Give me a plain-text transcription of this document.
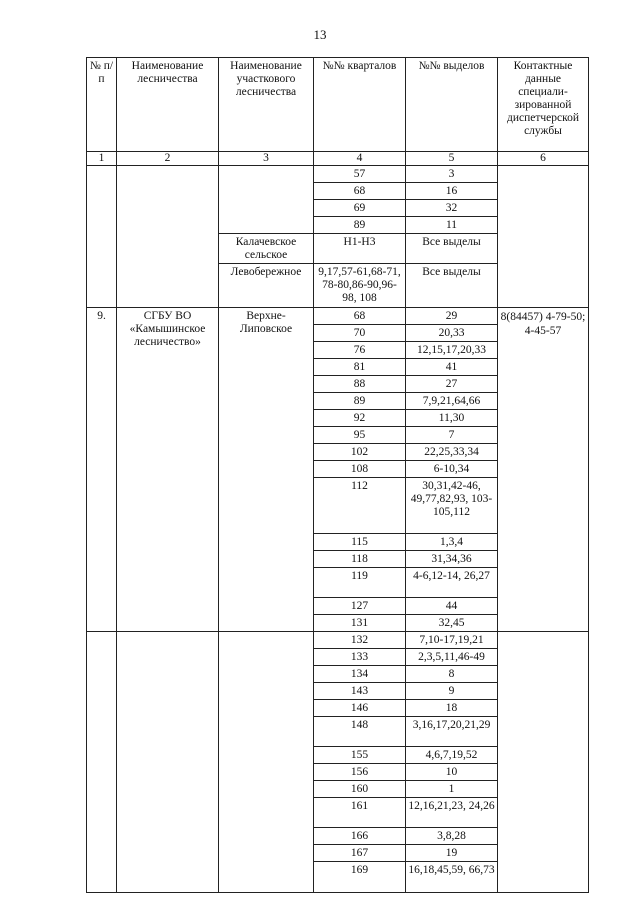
13
№ п/п	Наименование лесничества	Наименование участкового лесничества	№№ кварталов	№№ выделов	Контактные данные специали-зированной диспетчерской службы
1	2	3	4	5	6
			57	3	
			68	16	
			69	32	
			89	11	
		Калачевское сельское	Н1-Н3	Все выделы	
		Левобережное	9,17,57-61,68-71, 78-80,86-90,96-98, 108	Все выделы	
9.	СГБУ ВО «Камышинское лесничество»	Верхне-Липовское	68	29	8(84457) 4-79-50; 4-45-57
			70	20,33	
			76	12,15,17,20,33	
			81	41	
			88	27	
			89	7,9,21,64,66	
			92	11,30	
			95	7	
			102	22,25,33,34	
			108	6-10,34	
			112	30,31,42-46, 49,77,82,93, 103-105,112	
			115	1,3,4	
			118	31,34,36	
			119	4-6,12-14, 26,27	
			127	44	
			131	32,45	
			132	7,10-17,19,21	
			133	2,3,5,11,46-49	
			134	8	
			143	9	
			146	18	
			148	3,16,17,20,21,29	
			155	4,6,7,19,52	
			156	10	
			160	1	
			161	12,16,21,23, 24,26	
			166	3,8,28	
			167	19	
			169	16,18,45,59, 66,73	
